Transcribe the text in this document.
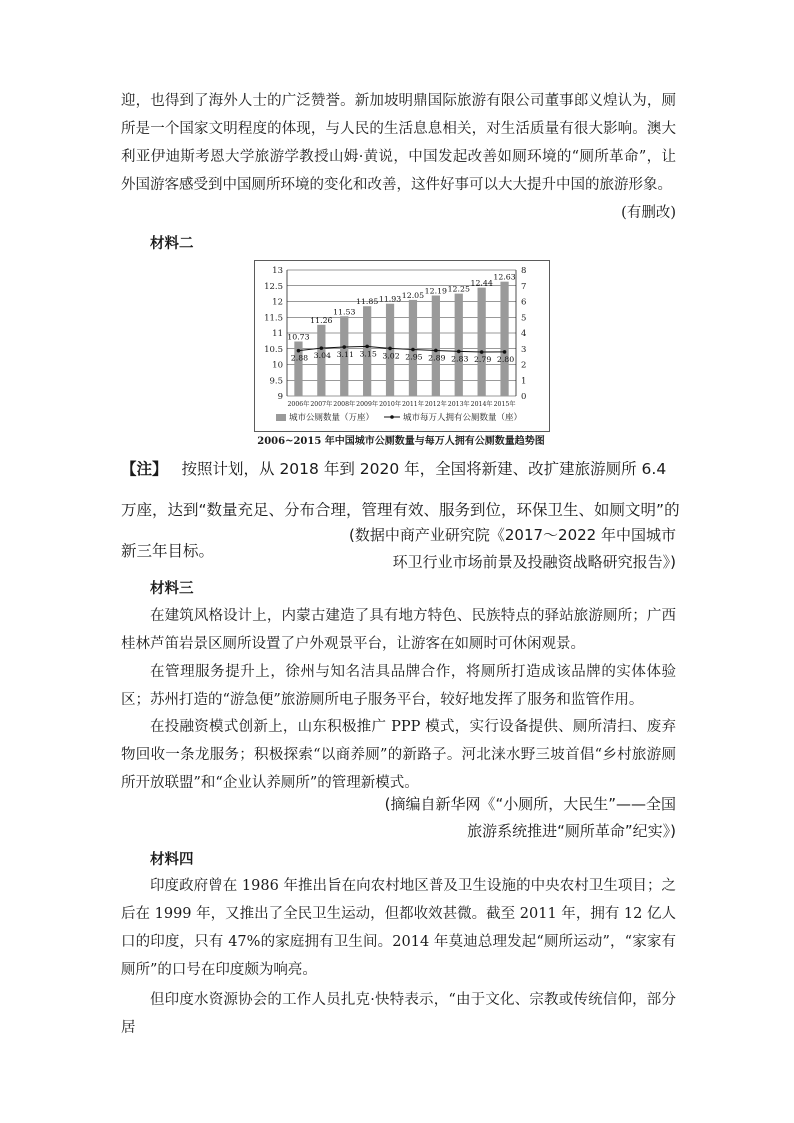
迎，也得到了海外人士的广泛赞誉。新加坡明鼎国际旅游有限公司董事郎义煌认为，厕所是一个国家文明程度的体现，与人民的生活息息相关，对生活质量有很大影响。澳大利亚伊迪斯考恩大学旅游学教授山姆·黄说，中国发起改善如厕环境的“厕所革命”，让外国游客感受到中国厕所环境的变化和改善，这件好事可以大大提升中国的旅游形象。

(有删改)
材料二
10.73
11.26
11.53
11.85 11.93 12.05 12.19 12.25
12.44
12.63
2.88 3.04 3.11 3.15 3.02 2.95 2.89 2.83 2.79 2.80
9
9.5
10
10.5
11
11.5
12
12.5
13
0
1
2
3
4
5
6
7
8
2006年 2007年 2008年 2009年 2010年 2011年 2012年 2013年 2014年 2015年
城市公厕数量（万座）	城市每万人拥有公厕数量（座）
2006~2015 年中国城市公厕数量与每万人拥有公厕数量趋势图

【注】 按照计划，从 2018 年到 2020 年，全国将新建、改扩建旅游厕所 6.4 万座，达到“数量充足、分布合理，管理有效、服务到位，环保卫生、如厕文明”的新三年目标。

(数据中商产业研究院《2017～2022 年中国城市
环卫行业市场前景及投融资战略研究报告》)
材料三

在建筑风格设计上，内蒙古建造了具有地方特色、民族特点的驿站旅游厕所；广西桂林芦笛岩景区厕所设置了户外观景平台，让游客在如厕时可休闲观景。

在管理服务提升上，徐州与知名洁具品牌合作，将厕所打造成该品牌的实体体验区；苏州打造的“游急便”旅游厕所电子服务平台，较好地发挥了服务和监管作用。

在投融资模式创新上，山东积极推广 PPP 模式，实行设备提供、厕所清扫、废弃物回收一条龙服务；积极探索“以商养厕”的新路子。河北涞水野三坡首倡“乡村旅游厕所开放联盟”和“企业认养厕所”的管理新模式。

(摘编自新华网《“小厕所，大民生”——全国
旅游系统推进“厕所革命”纪实》)
材料四

印度政府曾在 1986 年推出旨在向农村地区普及卫生设施的中央农村卫生项目；之后在 1999 年，又推出了全民卫生运动，但都收效甚微。截至 2011 年，拥有 12 亿人口的印度，只有 47%的家庭拥有卫生间。2014 年莫迪总理发起“厕所运动”，“家家有厕所”的口号在印度颇为响亮。

但印度水资源协会的工作人员扎克·快特表示，“由于文化、宗教或传统信仰，部分居
